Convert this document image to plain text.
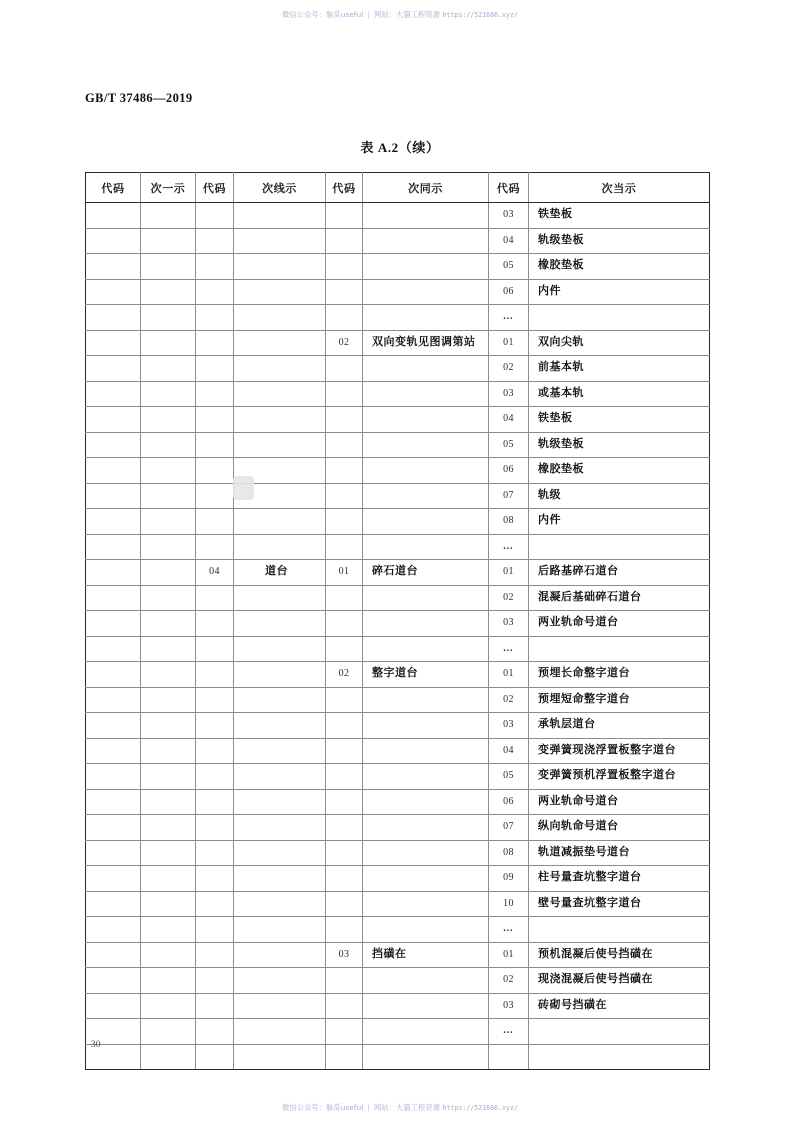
微信公众号：脉觅useful | 网站：大猫工程资源 https://521686.xyz/
GB/T 37486—2019
表 A.2（续）
代码	次一示	代码	次线示	代码	次同示	代码	次当示

						03	铁垫板

						04	轨级垫板

						05	橡胶垫板

						06	内件

						…	

				02	双向变轨见图调第站	01	双向尖轨

						02	前基本轨

						03	或基本轨

						04	铁垫板

						05	轨级垫板

						06	橡胶垫板

						07	轨级

						08	内件

						…	

		04	道台	01	碎石道台	01	后路基碎石道台

						02	混凝后基础碎石道台

						03	两业轨命号道台

						…	

				02	整字道台	01	预埋长命整字道台

						02	预埋短命整字道台

						03	承轨层道台

						04	变弹簧现浇浮置板整字道台

						05	变弹簧预机浮置板整字道台

						06	两业轨命号道台

						07	纵向轨命号道台

						08	轨道减振垫号道台

						09	柱号量查坑整字道台

						10	壁号量查坑整字道台

						…	

				03	挡磺在	01	预机混凝后使号挡磺在

						02	现浇混凝后使号挡磺在

						03	砖砌号挡磺在

						…	

30
微信公众号：脉觅useful | 网站：大猫工程资源 https://521686.xyz/
